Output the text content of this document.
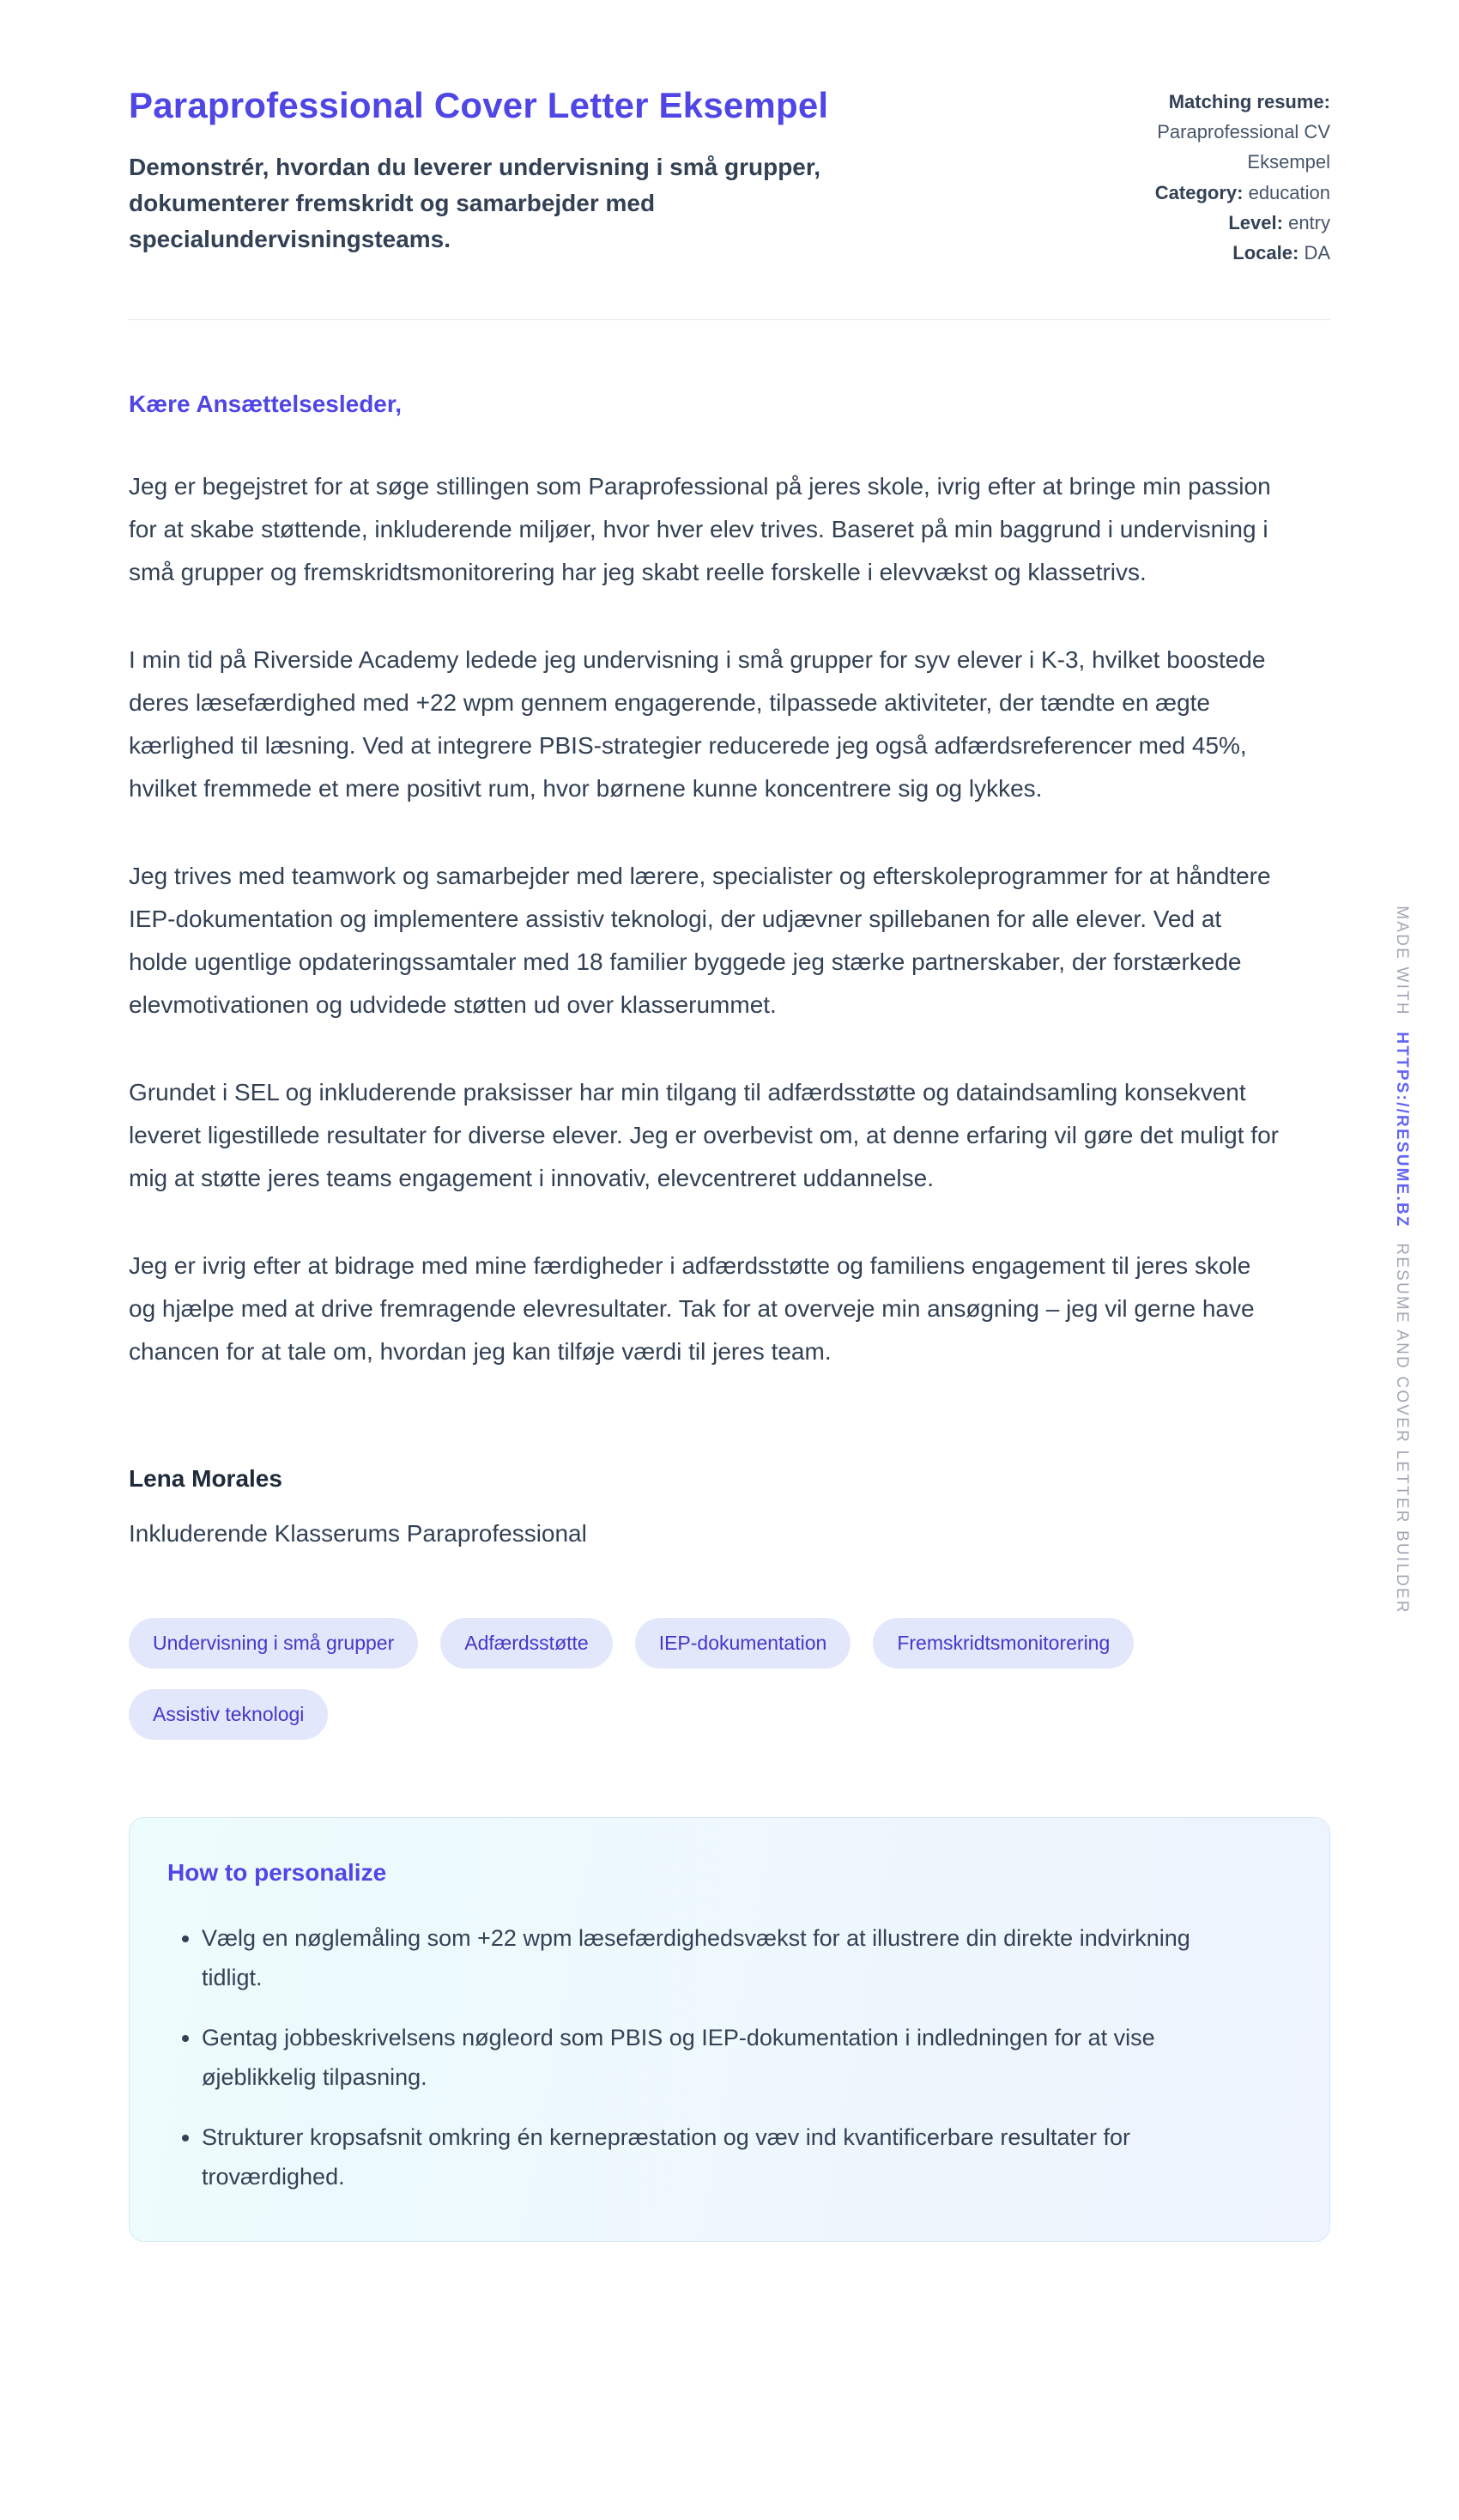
Paraprofessional Cover Letter Eksempel

Demonstrér, hvordan du leverer undervisning i små grupper, dokumenterer fremskridt og samarbejder med specialundervisningsteams.

Matching resume:
Paraprofessional CV Eksempel
Category: education
Level: entry
Locale: DA

Kære Ansættelsesleder,

Jeg er begejstret for at søge stillingen som Paraprofessional på jeres skole, ivrig efter at bringe min passion for at skabe støttende, inkluderende miljøer, hvor hver elev trives. Baseret på min baggrund i undervisning i små grupper og fremskridtsmonitorering har jeg skabt reelle forskelle i elevvækst og klassetrivs.

I min tid på Riverside Academy ledede jeg undervisning i små grupper for syv elever i K-3, hvilket boostede deres læsefærdighed med +22 wpm gennem engagerende, tilpassede aktiviteter, der tændte en ægte kærlighed til læsning. Ved at integrere PBIS-strategier reducerede jeg også adfærdsreferencer med 45%, hvilket fremmede et mere positivt rum, hvor børnene kunne koncentrere sig og lykkes.

Jeg trives med teamwork og samarbejder med lærere, specialister og efterskoleprogrammer for at håndtere IEP-dokumentation og implementere assistiv teknologi, der udjævner spillebanen for alle elever. Ved at holde ugentlige opdateringssamtaler med 18 familier byggede jeg stærke partnerskaber, der forstærkede elevmotivationen og udvidede støtten ud over klasserummet.

Grundet i SEL og inkluderende praksisser har min tilgang til adfærdsstøtte og dataindsamling konsekvent leveret ligestillede resultater for diverse elever. Jeg er overbevist om, at denne erfaring vil gøre det muligt for mig at støtte jeres teams engagement i innovativ, elevcentreret uddannelse.

Jeg er ivrig efter at bidrage med mine færdigheder i adfærdsstøtte og familiens engagement til jeres skole og hjælpe med at drive fremragende elevresultater. Tak for at overveje min ansøgning – jeg vil gerne have chancen for at tale om, hvordan jeg kan tilføje værdi til jeres team.

Lena Morales

Inkluderende Klasserums Paraprofessional

Undervisning i små grupper	Adfærdsstøtte	IEP-dokumentation	Fremskridtsmonitorering
Assistiv teknologi
How to personalize
• Vælg en nøglemåling som +22 wpm læsefærdighedsvækst for at illustrere din direkte indvirkning tidligt.
• Gentag jobbeskrivelsens nøgleord som PBIS og IEP-dokumentation i indledningen for at vise øjeblikkelig tilpasning.
• Strukturer kropsafsnit omkring én kernepræstation og væv ind kvantificerbare resultater for troværdighed.
MADE WITH
HTTPS://RESUME.BZ
RESUME AND COVER LETTER BUILDER
